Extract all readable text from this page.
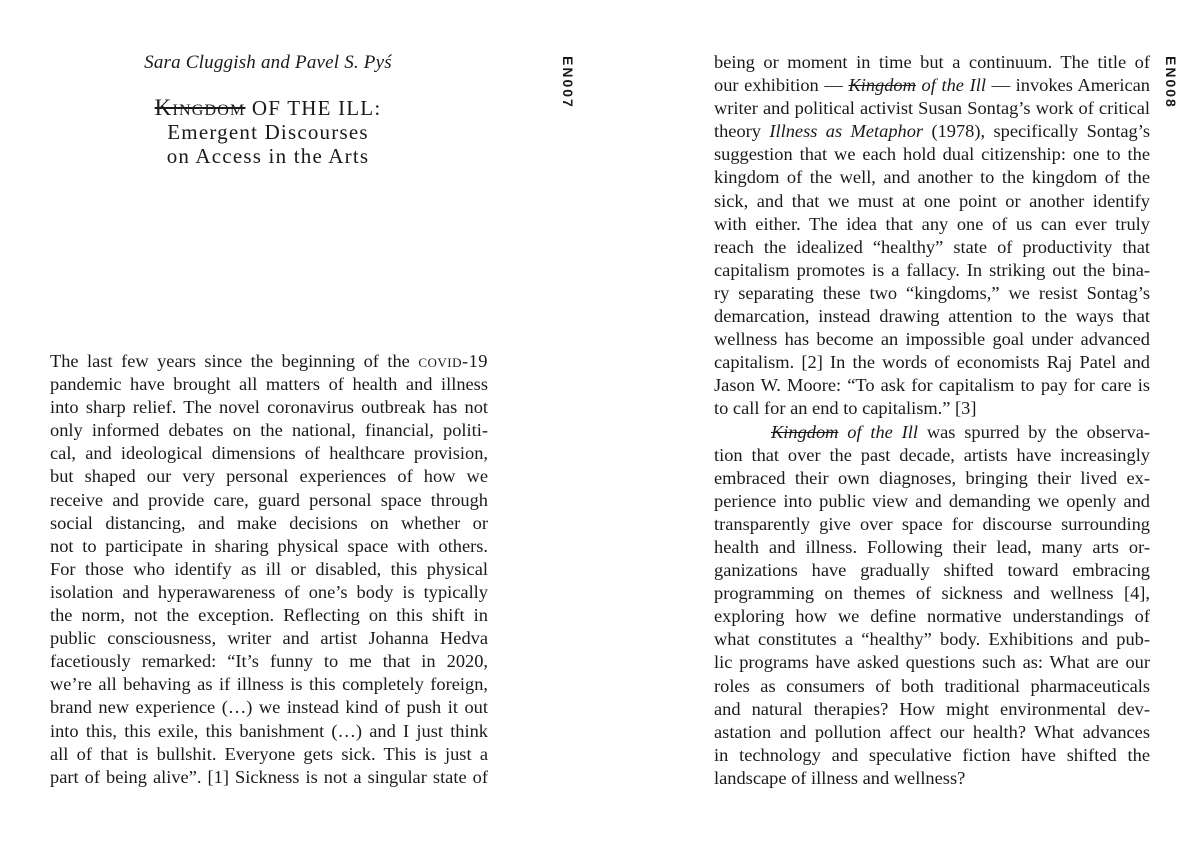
Sara Cluggish and Pavel S. Pyś
Kingdom OF THE ILL:
Emergent Discourses
on Access in the Arts
EN007
The last few years since the beginning of the covid-19
pandemic have brought all matters of health and illness
into sharp relief. The novel coronavirus outbreak has not
only informed debates on the national, financial, politi-
cal, and ideological dimensions of healthcare provision,
but shaped our very personal experiences of how we
receive and provide care, guard personal space through
social distancing, and make decisions on whether or
not to participate in sharing physical space with others.
For those who identify as ill or disabled, this physical
isolation and hyperawareness of one’s body is typically
the norm, not the exception. Reflecting on this shift in
public consciousness, writer and artist Johanna Hedva
facetiously remarked: “It’s funny to me that in 2020,
we’re all behaving as if illness is this completely foreign,
brand new experience (…) we instead kind of push it out
into this, this exile, this banishment (…) and I just think
all of that is bullshit. Everyone gets sick. This is just a
part of being alive”. [1] Sickness is not a singular state of
EN008
being or moment in time but a continuum. The title of
our exhibition — Kingdom of the Ill — invokes American
writer and political activist Susan Sontag’s work of critical
theory Illness as Metaphor (1978), specifically Sontag’s
suggestion that we each hold dual citizenship: one to the
kingdom of the well, and another to the kingdom of the
sick, and that we must at one point or another identify
with either. The idea that any one of us can ever truly
reach the idealized “healthy” state of productivity that
capitalism promotes is a fallacy. In striking out the bina-
ry separating these two “kingdoms,” we resist Sontag’s
demarcation, instead drawing attention to the ways that
wellness has become an impossible goal under advanced
capitalism. [2] In the words of economists Raj Patel and
Jason W. Moore: “To ask for capitalism to pay for care is
to call for an end to capitalism.” [3]
Kingdom of the Ill was spurred by the observa-
tion that over the past decade, artists have increasingly
embraced their own diagnoses, bringing their lived ex-
perience into public view and demanding we openly and
transparently give over space for discourse surrounding
health and illness. Following their lead, many arts or-
ganizations have gradually shifted toward embracing
programming on themes of sickness and wellness [4],
exploring how we define normative understandings of
what constitutes a “healthy” body. Exhibitions and pub-
lic programs have asked questions such as: What are our
roles as consumers of both traditional pharmaceuticals
and natural therapies? How might environmental dev-
astation and pollution affect our health? What advances
in technology and speculative fiction have shifted the
landscape of illness and wellness?
